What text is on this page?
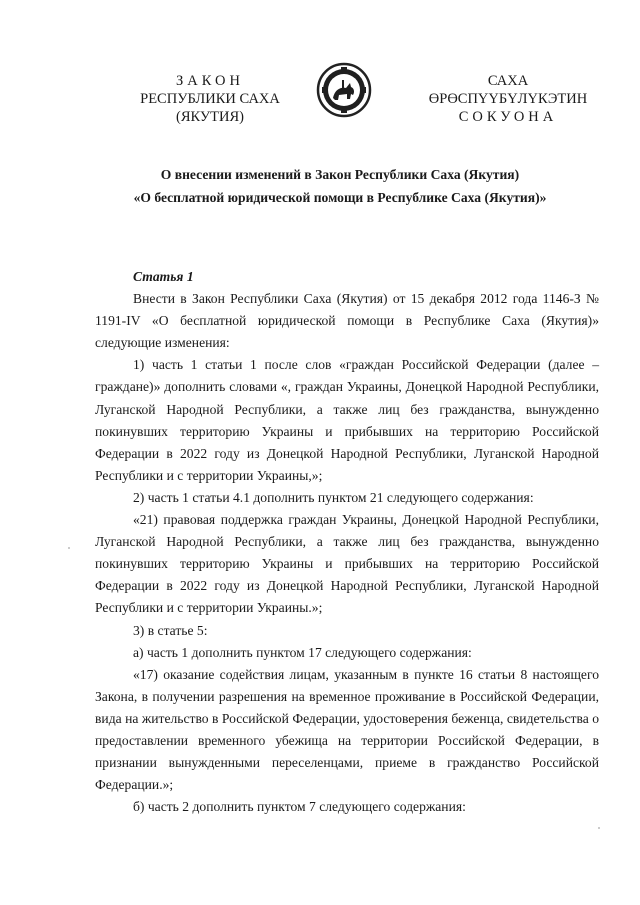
ЗАКОН
РЕСПУБЛИКИ САХА (ЯКУТИЯ)
САХА ӨРӨСПҮҮБҮЛҮКЭТИН
СОКУОНА
О внесении изменений в Закон Республики Саха (Якутия)
«О бесплатной юридической помощи в Республике Саха (Якутия)»

Статья 1

Внести в Закон Республики Саха (Якутия) от 15 декабря 2012 года 1146-З № 1191-IV «О бесплатной юридической помощи в Республике Саха (Якутия)» следующие изменения:

1) часть 1 статьи 1 после слов «граждан Российской Федерации (далее – граждане)» дополнить словами «, граждан Украины, Донецкой Народной Республики, Луганской Народной Республики, а также лиц без гражданства, вынужденно покинувших территорию Украины и прибывших на территорию Российской Федерации в 2022 году из Донецкой Народной Республики, Луганской Народной Республики и с территории Украины,»;

2) часть 1 статьи 4.1 дополнить пунктом 21 следующего содержания:

«21) правовая поддержка граждан Украины, Донецкой Народной Республики, Луганской Народной Республики, а также лиц без гражданства, вынужденно покинувших территорию Украины и прибывших на территорию Российской Федерации в 2022 году из Донецкой Народной Республики, Луганской Народной Республики и с территории Украины.»;

3) в статье 5:

а) часть 1 дополнить пунктом 17 следующего содержания:

«17) оказание содействия лицам, указанным в пункте 16 статьи 8 настоящего Закона, в получении разрешения на временное проживание в Российской Федерации, вида на жительство в Российской Федерации, удостоверения беженца, свидетельства о предоставлении временного убежища на территории Российской Федерации, в признании вынужденными переселенцами, приеме в гражданство Российской Федерации.»;

б) часть 2 дополнить пунктом 7 следующего содержания:
